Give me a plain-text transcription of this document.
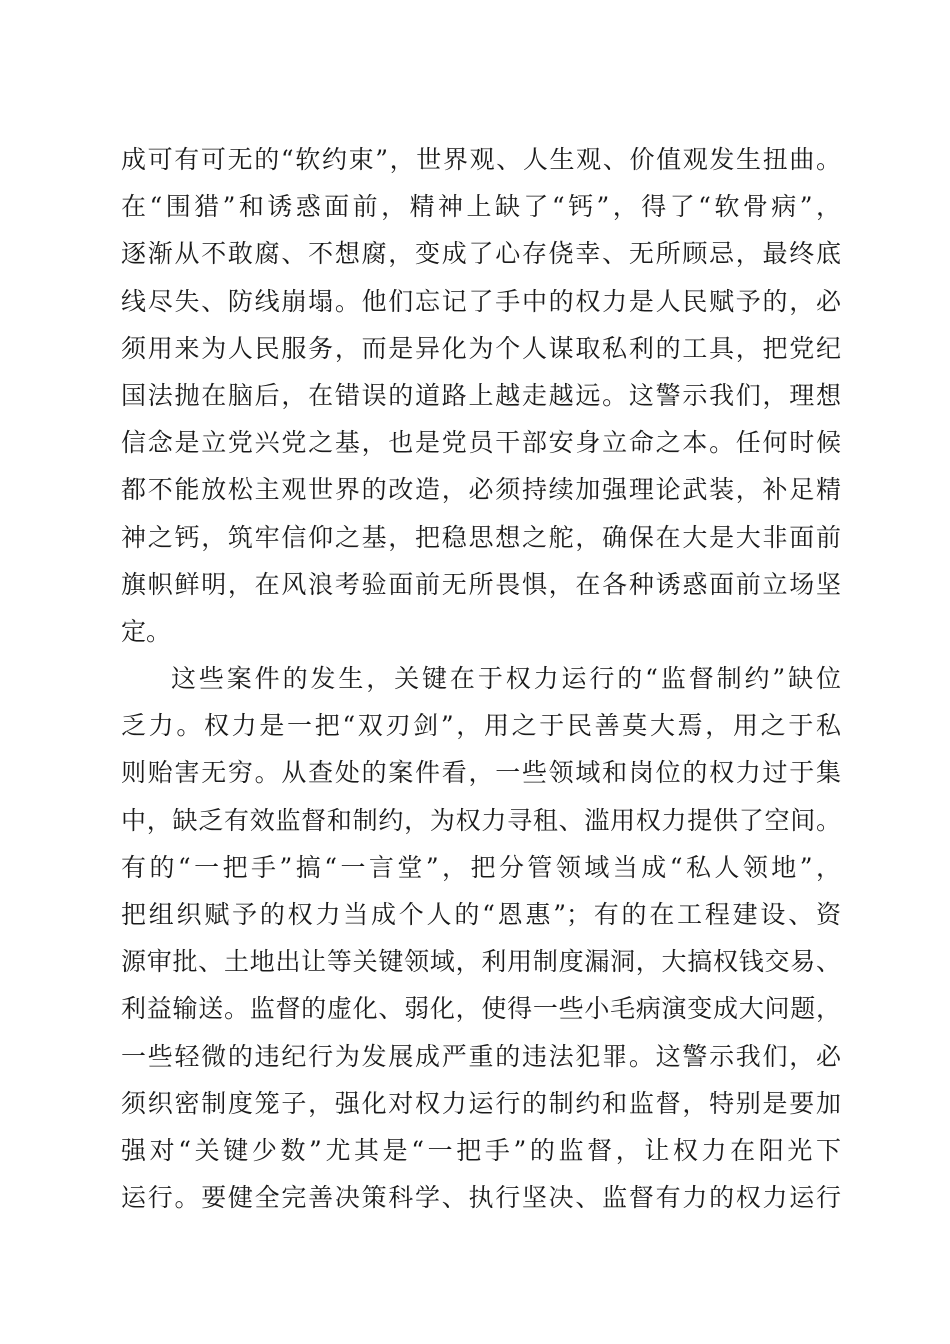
成可有可无的“软约束”，世界观、人生观、价值观发生扭曲。
在“围猎”和诱惑面前，精神上缺了“钙”，得了“软骨病”，
逐渐从不敢腐、不想腐，变成了心存侥幸、无所顾忌，最终底
线尽失、防线崩塌。他们忘记了手中的权力是人民赋予的，必
须用来为人民服务，而是异化为个人谋取私利的工具，把党纪
国法抛在脑后，在错误的道路上越走越远。这警示我们，理想
信念是立党兴党之基，也是党员干部安身立命之本。任何时候
都不能放松主观世界的改造，必须持续加强理论武装，补足精
神之钙，筑牢信仰之基，把稳思想之舵，确保在大是大非面前
旗帜鲜明，在风浪考验面前无所畏惧，在各种诱惑面前立场坚
定。
这些案件的发生，关键在于权力运行的“监督制约”缺位
乏力。权力是一把“双刃剑”，用之于民善莫大焉，用之于私
则贻害无穷。从查处的案件看，一些领域和岗位的权力过于集
中，缺乏有效监督和制约，为权力寻租、滥用权力提供了空间。
有的“一把手”搞“一言堂”，把分管领域当成“私人领地”，
把组织赋予的权力当成个人的“恩惠”；有的在工程建设、资
源审批、土地出让等关键领域，利用制度漏洞，大搞权钱交易、
利益输送。监督的虚化、弱化，使得一些小毛病演变成大问题，
一些轻微的违纪行为发展成严重的违法犯罪。这警示我们，必
须织密制度笼子，强化对权力运行的制约和监督，特别是要加
强对“关键少数”尤其是“一把手”的监督，让权力在阳光下
运行。要健全完善决策科学、执行坚决、监督有力的权力运行
